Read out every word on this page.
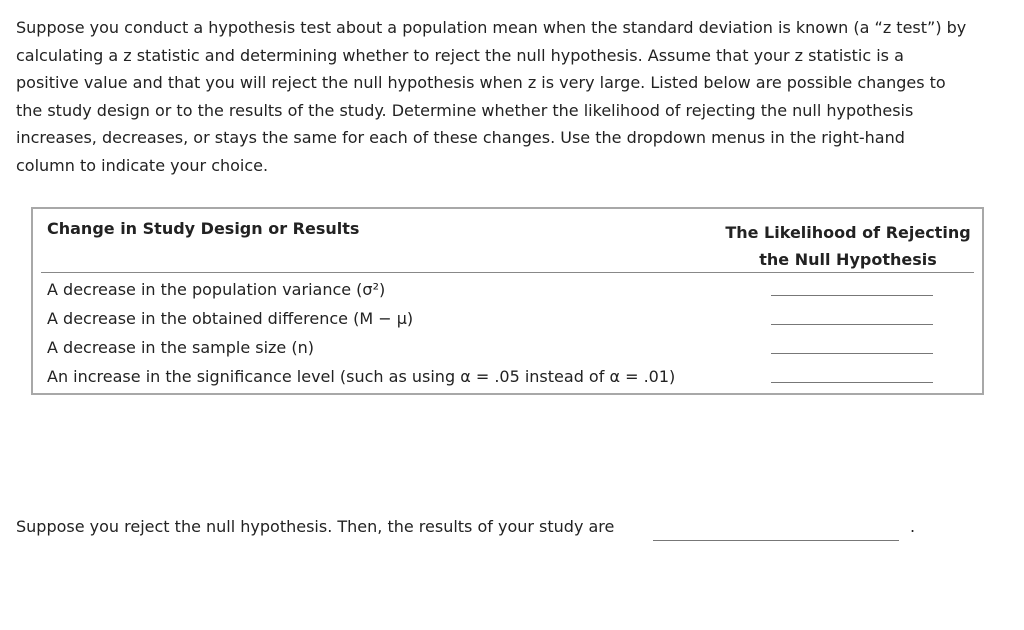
Suppose you conduct a hypothesis test about a population mean when the standard deviation is known (a “z test”) by
calculating a z statistic and determining whether to reject the null hypothesis. Assume that your z statistic is a
positive value and that you will reject the null hypothesis when z is very large. Listed below are possible changes to
the study design or to the results of the study. Determine whether the likelihood of rejecting the null hypothesis
increases, decreases, or stays the same for each of these changes. Use the dropdown menus in the right-hand
column to indicate your choice.
Change in Study Design or Results	The Likelihood of Rejecting
the Null Hypothesis
A decrease in the population variance (σ²)
A decrease in the obtained difference (M − μ)
A decrease in the sample size (n)
An increase in the significance level (such as using α = .05 instead of α = .01)
Suppose you reject the null hypothesis. Then, the results of your study are	.
